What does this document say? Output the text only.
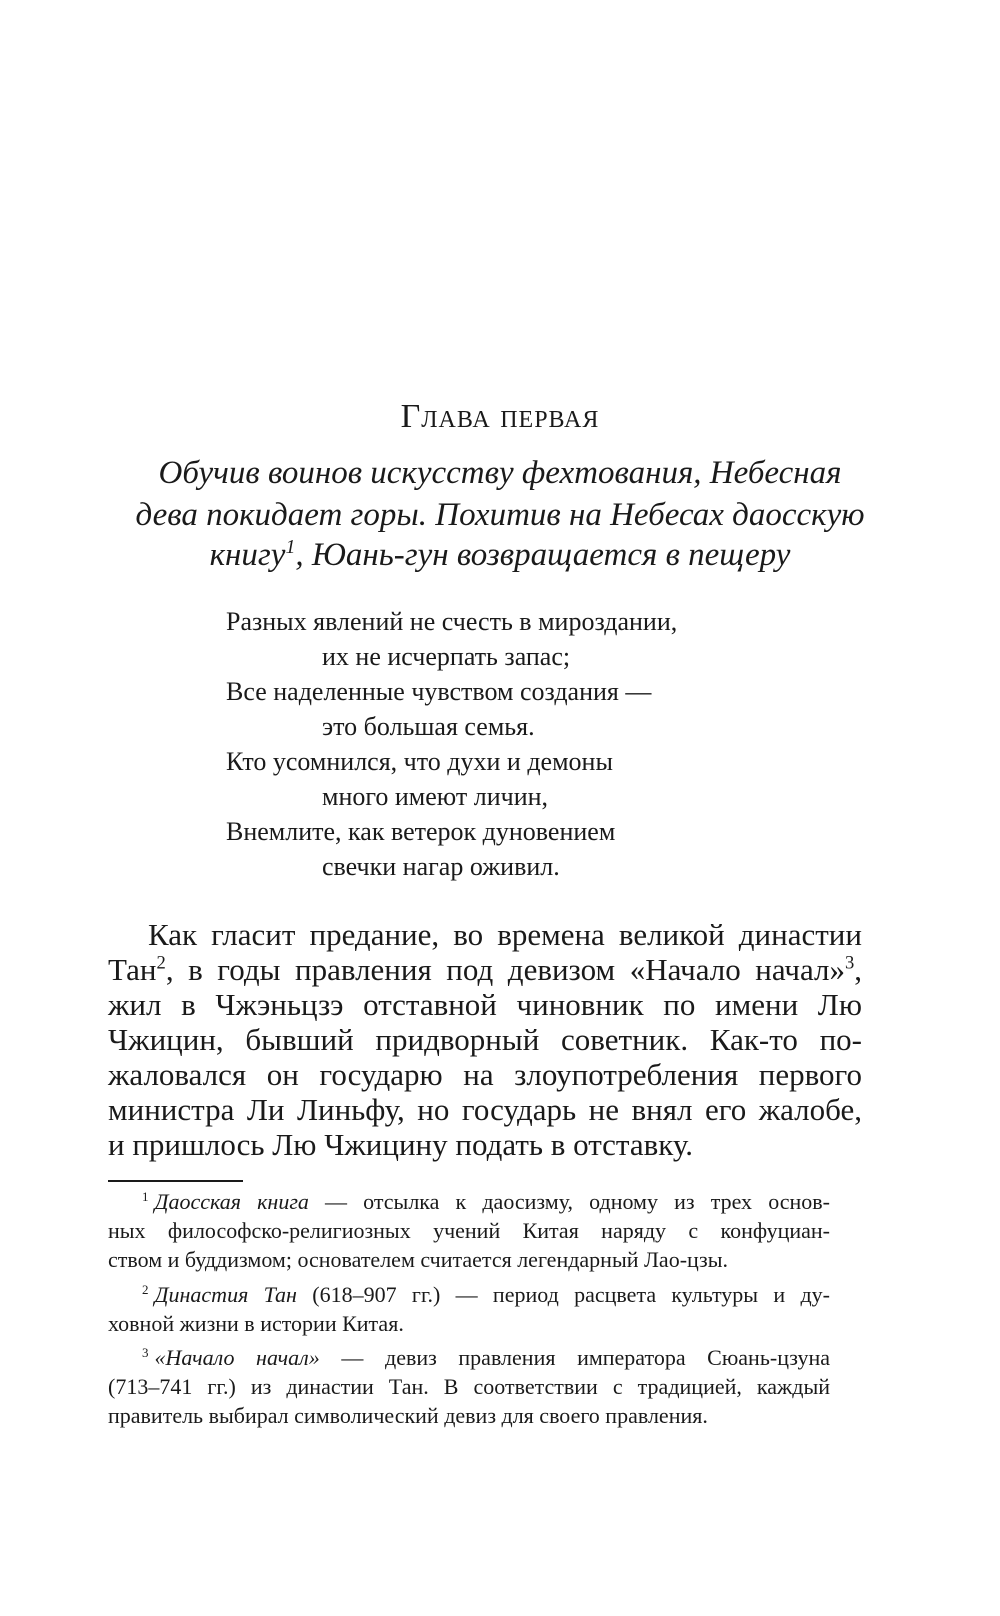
Глава первая
Обучив воинов искусству фехтования, Небесная
дева покидает горы. Похитив на Небесах даосскую
книгу$^1$, Юань-гун возвращается в пещеру
Разных явлений не счесть в мироздании,
их не исчерпать запас;
Все наделенные чувством создания —
это большая семья.
Кто усомнился, что духи и демоны
много имеют личин,
Внемлите, как ветерок дуновением
свечки нагар оживил.
Как гласит предание, во времена великой династии
Тан$^2$, в годы правления под девизом «Начало начал»$^3$,
жил в Чжэньцзэ отставной чиновник по имени Лю
Чжицин, бывший придворный советник. Как-то по-
жаловался он государю на злоупотребления первого
министра Ли Линьфу, но государь не внял его жалобе,
и пришлось Лю Чжицину подать в отставку.
$^1$ Даосская книга — отсылка к даосизму, одному из трех основ-
ных философско-религиозных учений Китая наряду с конфуциан-
ством и буддизмом; основателем считается легендарный Лао-цзы.
$^2$ Династия Тан (618–907 гг.) — период расцвета культуры и ду-
ховной жизни в истории Китая.
$^3$ «Начало начал» — девиз правления императора Сюань-цзуна
(713–741 гг.) из династии Тан. В соответствии с традицией, каждый
правитель выбирал символический девиз для своего правления.
